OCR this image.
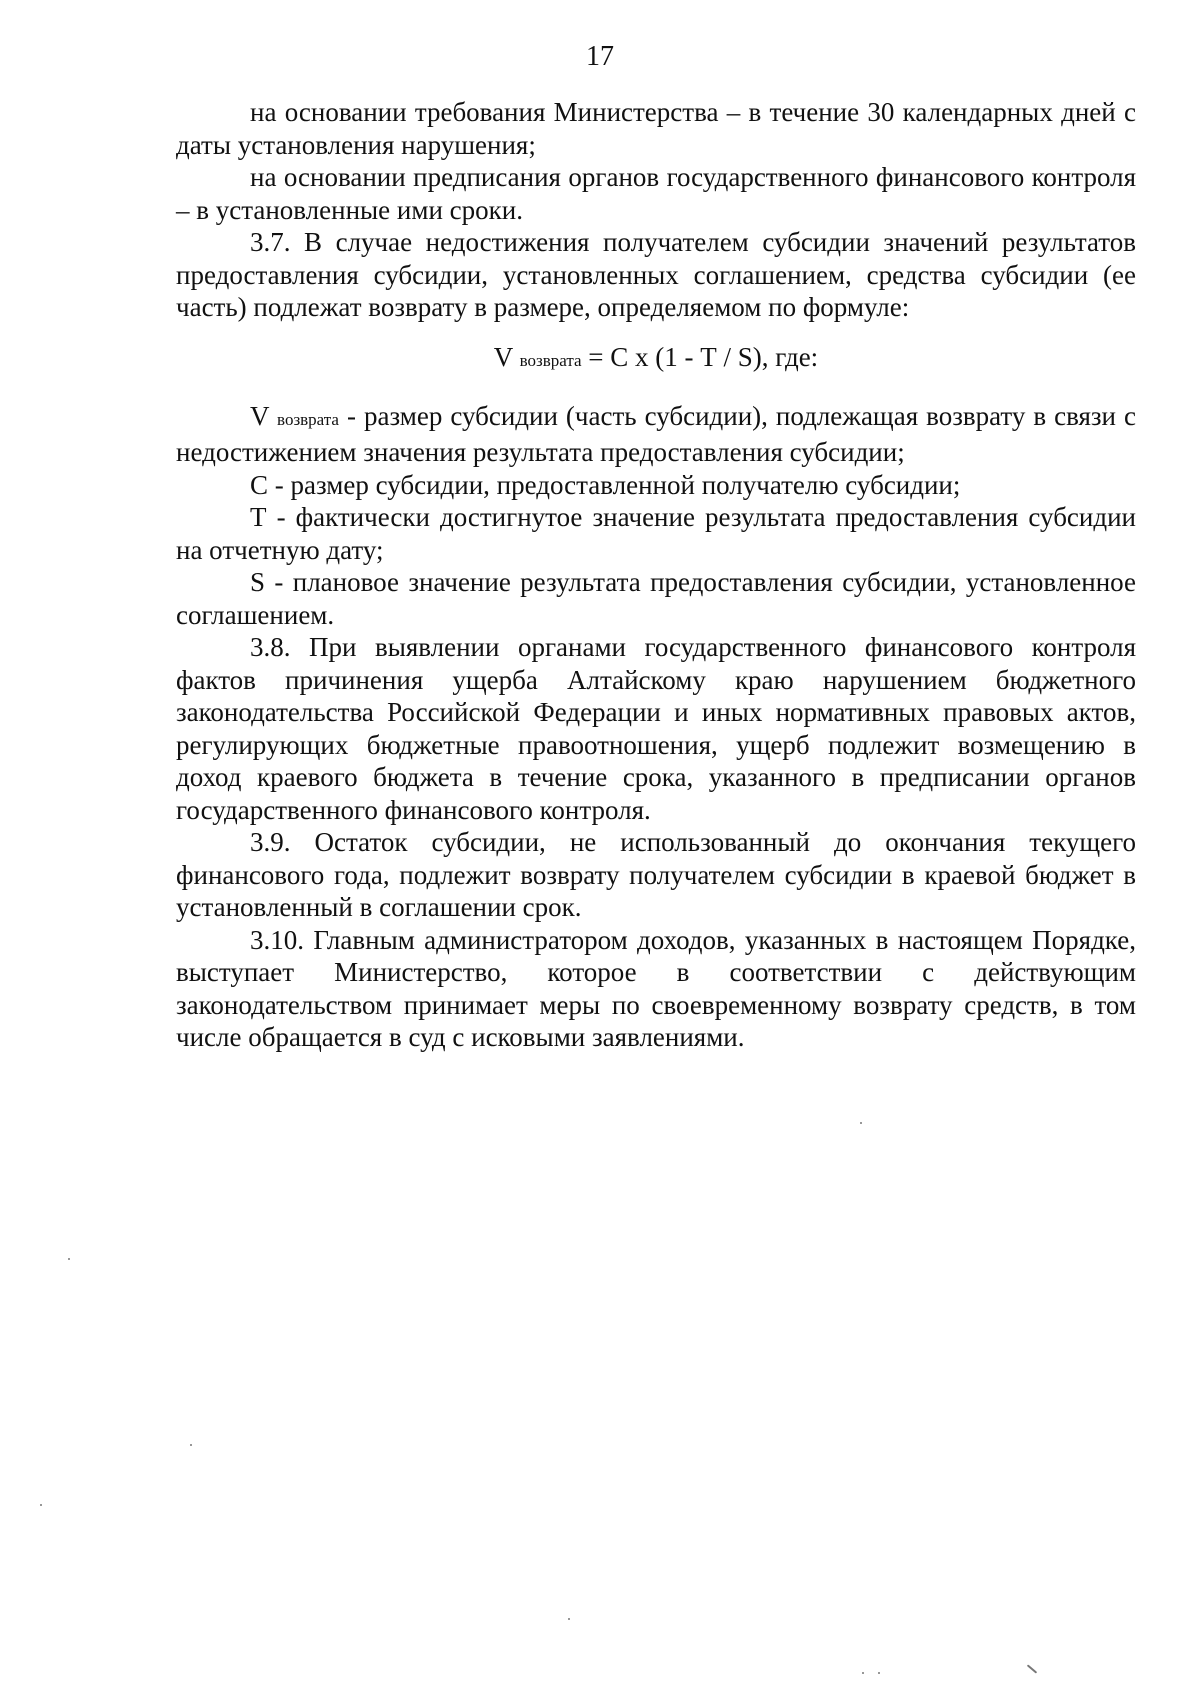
17

на основании требования Министерства – в течение 30 календарных дней с даты установления нарушения;

на основании предписания органов государственного финансового контроля – в установленные ими сроки.

3.7. В случае недостижения получателем субсидии значений результатов предоставления субсидии, установленных соглашением, средства субсидии (ее часть) подлежат возврату в размере, определяемом по формуле:

V возврата = С х (1 - Т / S), где:

V возврата - размер субсидии (часть субсидии), подлежащая возврату в связи с недостижением значения результата предоставления субсидии;

С - размер субсидии, предоставленной получателю субсидии;

Т - фактически достигнутое значение результата предоставления субсидии на отчетную дату;

S - плановое значение результата предоставления субсидии, установленное соглашением.

3.8. При выявлении органами государственного финансового контроля фактов причинения ущерба Алтайскому краю нарушением бюджетного законодательства Российской Федерации и иных нормативных правовых актов, регулирующих бюджетные правоотношения, ущерб подлежит возмещению в доход краевого бюджета в течение срока, указанного в предписании органов государственного финансового контроля.

3.9. Остаток субсидии, не использованный до окончания текущего финансового года, подлежит возврату получателем субсидии в краевой бюджет в установленный в соглашении срок.

3.10. Главным администратором доходов, указанных в настоящем Порядке, выступает Министерство, которое в соответствии с действующим законодательством принимает меры по своевременному возврату средств, в том числе обращается в суд с исковыми заявлениями.
